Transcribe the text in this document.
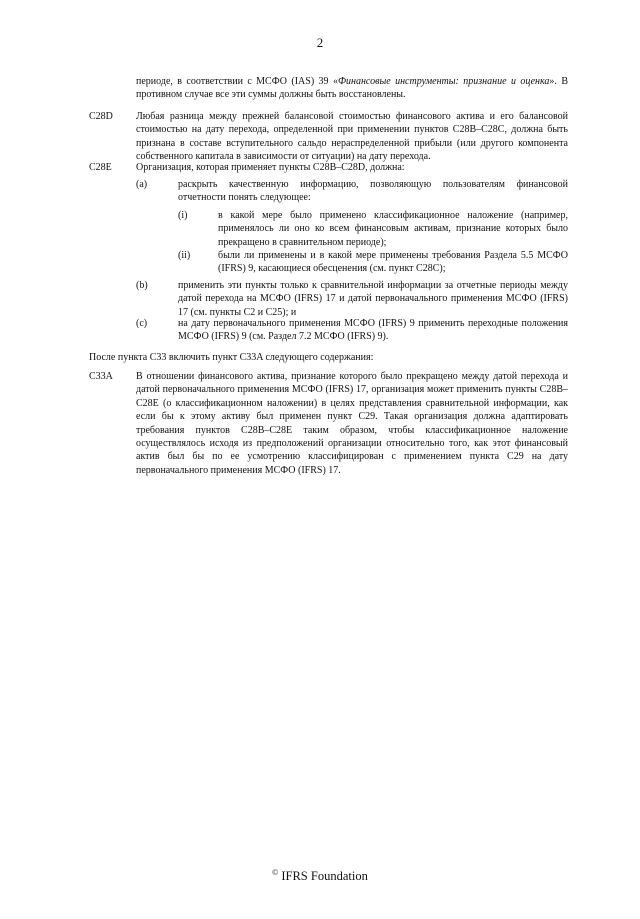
2
периоде, в соответствии с МСФО (IAS) 39 «Финансовые инструменты: признание и оценка». В противном случае все эти суммы должны быть восстановлены.
C28D Любая разница между прежней балансовой стоимостью финансового актива и его балансовой стоимостью на дату перехода, определенной при применении пунктов C28B–C28C, должна быть признана в составе вступительного сальдо нераспределенной прибыли (или другого компонента собственного капитала в зависимости от ситуации) на дату перехода.
C28E Организация, которая применяет пункты C28B–C28D, должна:
(a)	раскрыть качественную информацию, позволяющую пользователям финансовой отчетности понять следующее:
(i)	в какой мере было применено классификационное наложение (например, применялось ли оно ко всем финансовым активам, признание которых было прекращено в сравнительном периоде);
(ii)	были ли применены и в какой мере применены требования Раздела 5.5 МСФО (IFRS) 9, касающиеся обесценения (см. пункт C28C);
(b)	применить эти пункты только к сравнительной информации за отчетные периоды между датой перехода на МСФО (IFRS) 17 и датой первоначального применения МСФО (IFRS) 17 (см. пункты C2 и C25); и
(c)	на дату первоначального применения МСФО (IFRS) 9 применить переходные положения МСФО (IFRS) 9 (см. Раздел 7.2 МСФО (IFRS) 9).
После пункта C33 включить пункт C33A следующего содержания:
C33A В отношении финансового актива, признание которого было прекращено между датой перехода и датой первоначального применения МСФО (IFRS) 17, организация может применить пункты C28B–C28E (о классификационном наложении) в целях представления сравнительной информации, как если бы к этому активу был применен пункт C29. Такая организация должна адаптировать требования пунктов C28B–C28E таким образом, чтобы классификационное наложение осуществлялось исходя из предположений организации относительно того, как этот финансовый актив был бы по ее усмотрению классифицирован с применением пункта C29 на дату первоначального применения МСФО (IFRS) 17.
© IFRS Foundation
